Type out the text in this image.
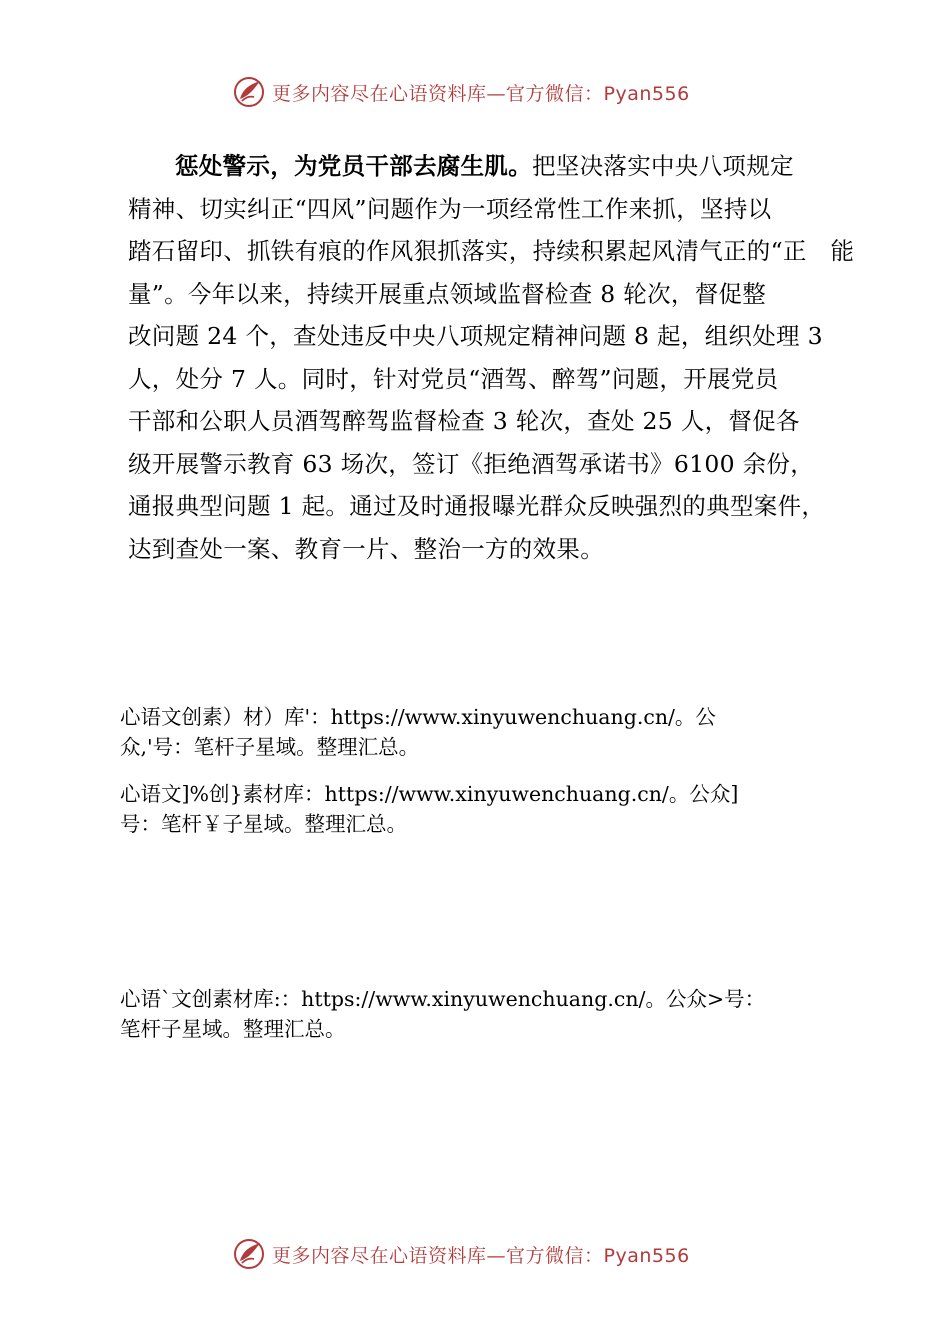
更多内容尽在心语资料库—官方微信：Pyan556
惩处警示，为党员干部去腐生肌。把坚决落实中央八项规定
精神、切实纠正“四风”问题作为一项经常性工作来抓，坚持以
踏石留印、抓铁有痕的作风狠抓落实，持续积累起风清气正的“正　能
量”。今年以来，持续开展重点领域监督检查 8 轮次，督促整
改问题 24 个，查处违反中央八项规定精神问题 8 起，组织处理 3
人，处分 7 人。同时，针对党员“酒驾、醉驾”问题，开展党员
干部和公职人员酒驾醉驾监督检查 3 轮次，查处 25 人，督促各
级开展警示教育 63 场次，签订《拒绝酒驾承诺书》6100 余份，
通报典型问题 1 起。通过及时通报曝光群众反映强烈的典型案件，
达到查处一案、教育一片、整治一方的效果。
心语文创素）材）库'：https://www.xinyuwenchuang.cn/。公
众,'号：笔杆子星域。整理汇总。
心语文]%创}素材库：https://www.xinyuwenchuang.cn/。公众]
号：笔杆￥子星域。整理汇总。
心语`文创素材库:：https://www.xinyuwenchuang.cn/。公众>号：
笔杆子星域。整理汇总。
更多内容尽在心语资料库—官方微信：Pyan556
